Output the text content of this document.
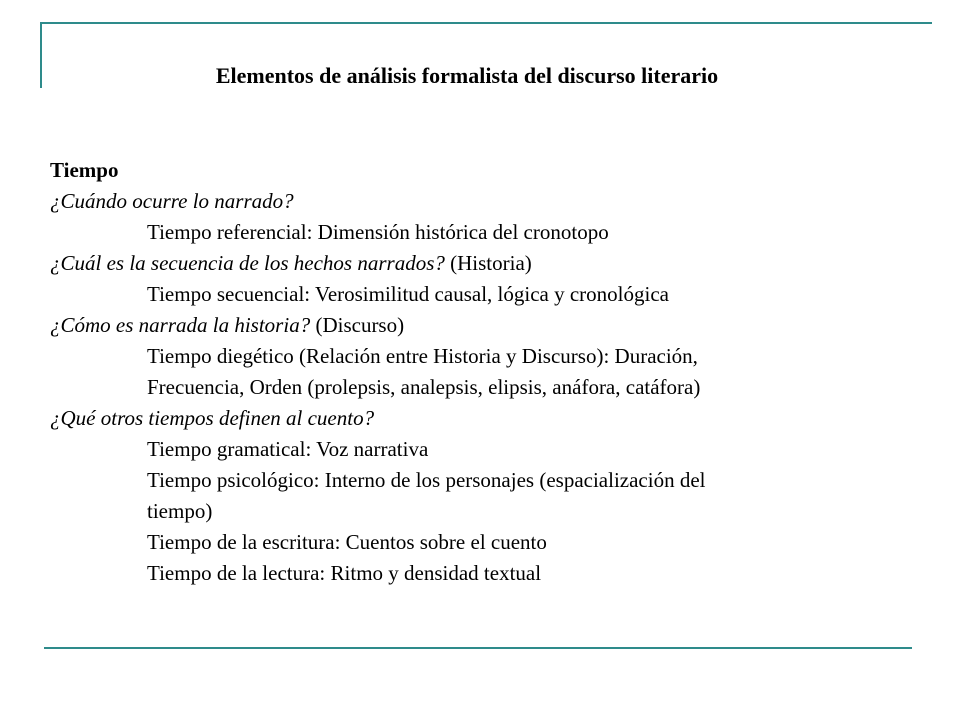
Elementos de análisis formalista del discurso literario
Tiempo
¿Cuándo ocurre lo narrado?
Tiempo referencial: Dimensión histórica del cronotopo
¿Cuál es la secuencia de los hechos narrados? (Historia)
Tiempo secuencial: Verosimilitud causal, lógica y cronológica
¿Cómo es narrada la historia? (Discurso)
Tiempo diegético (Relación entre Historia y Discurso): Duración,
Frecuencia, Orden (prolepsis, analepsis, elipsis, anáfora, catáfora)
¿Qué otros tiempos definen al cuento?
Tiempo gramatical: Voz narrativa
Tiempo psicológico: Interno de los personajes (espacialización del
tiempo)
Tiempo de la escritura: Cuentos sobre el cuento
Tiempo de la lectura: Ritmo y densidad textual
